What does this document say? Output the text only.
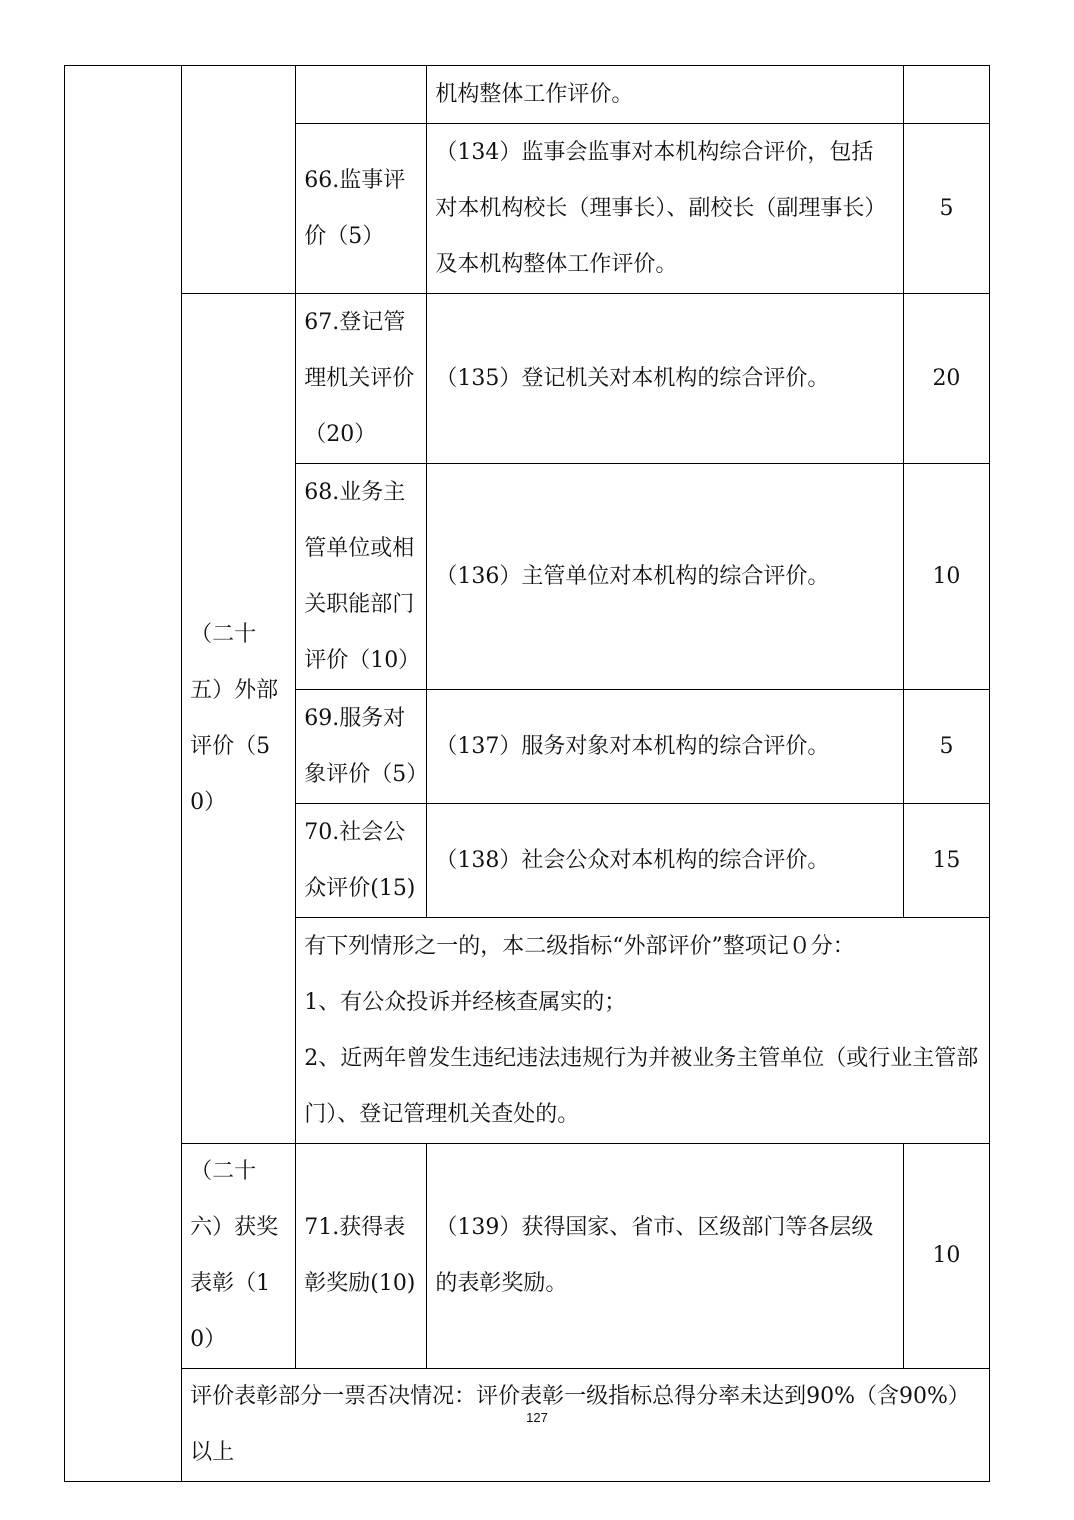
			机构整体工作评价。	
		66.监事评价（5）	（134）监事会监事对本机构综合评价，包括对本机构校长（理事长）、副校长（副理事长）及本机构整体工作评价。	5
	（二十五）外部评价（50）	67.登记管理机关评价（20）	（135）登记机关对本机构的综合评价。	20
		68.业务主管单位或相关职能部门评价（10）	（136）主管单位对本机构的综合评价。	10
		69.服务对象评价（5）	（137）服务对象对本机构的综合评价。	5
		70.社会公众评价(15)	（138）社会公众对本机构的综合评价。	15

		有下列情形之一的，本二级指标“外部评价”整项记０分：

1、有公众投诉并经核查属实的；

2、近两年曾发生违纪违法违规行为并被业务主管单位（或行业主管部门）、登记管理机关查处的。		

	（二十六）获奖表彰（10）	71.获得表彰奖励(10)	（139）获得国家、省市、区级部门等各层级的表彰奖励。	10
	评价表彰部分一票否决情况：评价表彰一级指标总得分率未达到90%（含90%）以上			
127
